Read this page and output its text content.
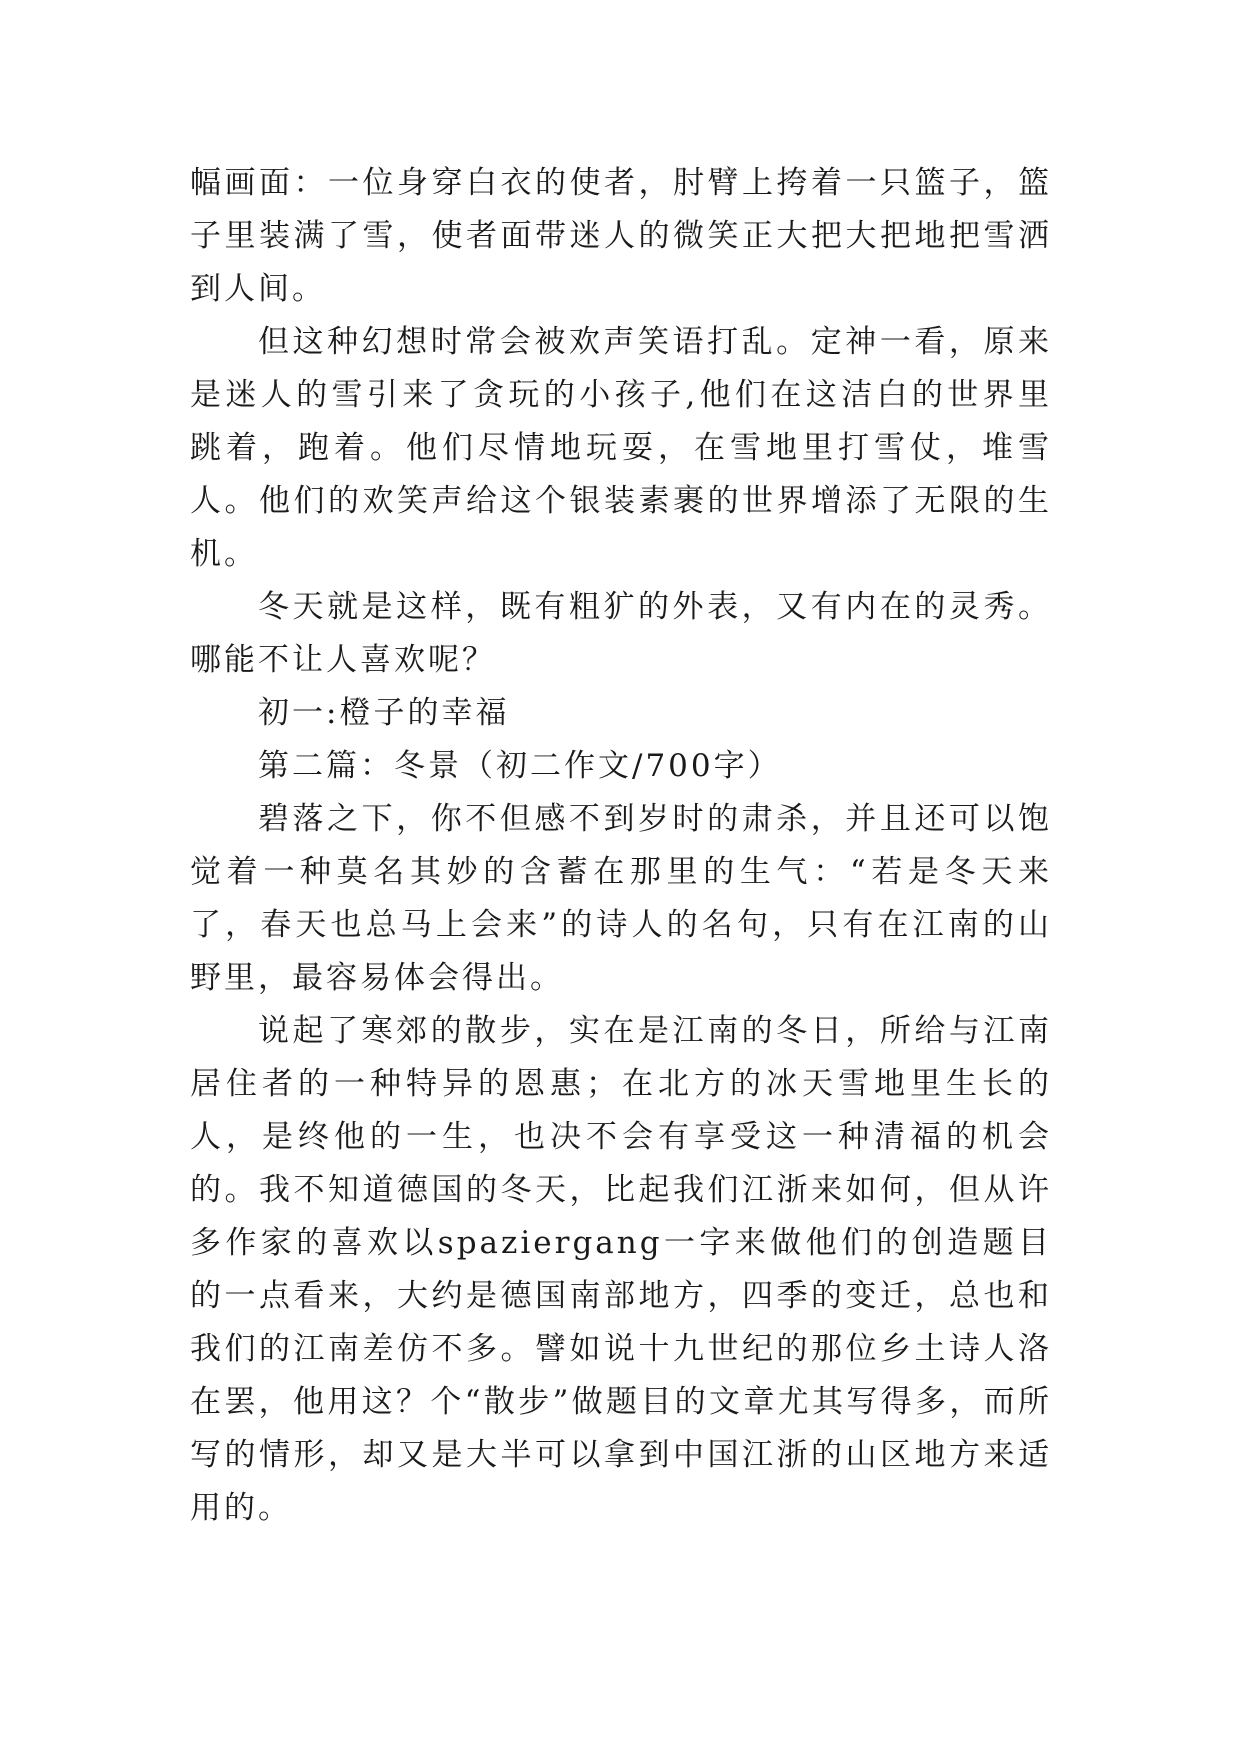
幅画面：一位身穿白衣的使者，肘臂上挎着一只篮子，篮子里装满了雪，使者面带迷人的微笑正大把大把地把雪洒到人间。

但这种幻想时常会被欢声笑语打乱。定神一看，原来是迷人的雪引来了贪玩的小孩子,他们在这洁白的世界里跳着，跑着。他们尽情地玩耍，在雪地里打雪仗，堆雪人。他们的欢笑声给这个银装素裹的世界增添了无限的生机。

冬天就是这样，既有粗犷的外表，又有内在的灵秀。哪能不让人喜欢呢？

初一:橙子的幸福

第二篇：冬景（初二作文/700字）

碧落之下，你不但感不到岁时的肃杀，并且还可以饱觉着一种莫名其妙的含蓄在那里的生气：“若是冬天来了，春天也总马上会来”的诗人的名句，只有在江南的山野里，最容易体会得出。

说起了寒郊的散步，实在是江南的冬日，所给与江南居住者的一种特异的恩惠；在北方的冰天雪地里生长的人，是终他的一生，也决不会有享受这一种清福的机会的。我不知道德国的冬天，比起我们江浙来如何，但从许多作家的喜欢以spaziergang一字来做他们的创造题目的一点看来，大约是德国南部地方，四季的变迁，总也和我们的江南差仿不多。譬如说十九世纪的那位乡土诗人洛在罢，他用这？个“散步”做题目的文章尤其写得多，而所写的情形，却又是大半可以拿到中国江浙的山区地方来适用的。
